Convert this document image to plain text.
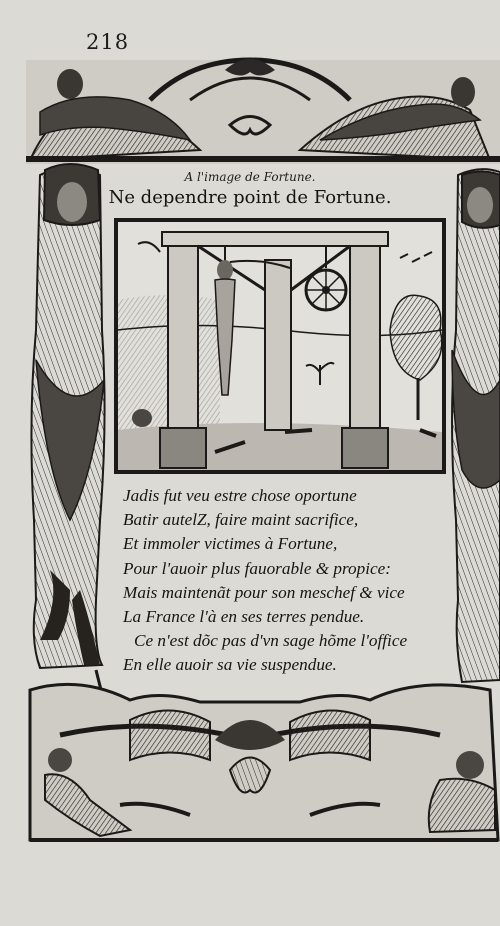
218
A l'image de Fortune.
Ne dependre point de Fortune.
Jadis fut veu estre chose oportune
Batir autelZ, faire maint sacrifice,
Et immoler victimes à Fortune,
Pour l'auoir plus fauorable & propice:
Mais maintenãt pour son meschef & vice
La France l'à en ses terres pendue.
Ce n'est dõc pas d'vn sage hõme l'office
En elle auoir sa vie suspendue.
